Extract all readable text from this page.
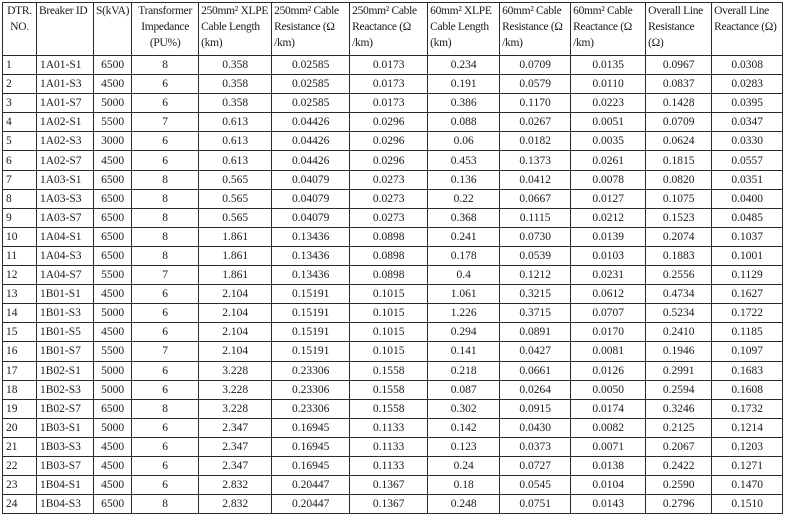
DTR. NO.	Breaker ID	S(kVA)	Transformer Impedance (PU%)	250mm² XLPE Cable Length (km)	250mm² Cable Resistance (Ω /km)	250mm² Cable Reactance (Ω /km)	60mm² XLPE Cable Length (km)	60mm² Cable Resistance (Ω /km)	60mm² Cable Reactance (Ω /km)	Overall Line Resistance (Ω)	Overall Line Reactance (Ω)
1	1A01-S1	6500	8	0.358	0.02585	0.0173	0.234	0.0709	0.0135	0.0967	0.0308
2	1A01-S3	4500	6	0.358	0.02585	0.0173	0.191	0.0579	0.0110	0.0837	0.0283
3	1A01-S7	5000	6	0.358	0.02585	0.0173	0.386	0.1170	0.0223	0.1428	0.0395
4	1A02-S1	5500	7	0.613	0.04426	0.0296	0.088	0.0267	0.0051	0.0709	0.0347
5	1A02-S3	3000	6	0.613	0.04426	0.0296	0.06	0.0182	0.0035	0.0624	0.0330
6	1A02-S7	4500	6	0.613	0.04426	0.0296	0.453	0.1373	0.0261	0.1815	0.0557
7	1A03-S1	6500	8	0.565	0.04079	0.0273	0.136	0.0412	0.0078	0.0820	0.0351
8	1A03-S3	6500	8	0.565	0.04079	0.0273	0.22	0.0667	0.0127	0.1075	0.0400
9	1A03-S7	6500	8	0.565	0.04079	0.0273	0.368	0.1115	0.0212	0.1523	0.0485
10	1A04-S1	6500	8	1.861	0.13436	0.0898	0.241	0.0730	0.0139	0.2074	0.1037
11	1A04-S3	6500	8	1.861	0.13436	0.0898	0.178	0.0539	0.0103	0.1883	0.1001
12	1A04-S7	5500	7	1.861	0.13436	0.0898	0.4	0.1212	0.0231	0.2556	0.1129
13	1B01-S1	4500	6	2.104	0.15191	0.1015	1.061	0.3215	0.0612	0.4734	0.1627
14	1B01-S3	5000	6	2.104	0.15191	0.1015	1.226	0.3715	0.0707	0.5234	0.1722
15	1B01-S5	4500	6	2.104	0.15191	0.1015	0.294	0.0891	0.0170	0.2410	0.1185
16	1B01-S7	5500	7	2.104	0.15191	0.1015	0.141	0.0427	0.0081	0.1946	0.1097
17	1B02-S1	5000	6	3.228	0.23306	0.1558	0.218	0.0661	0.0126	0.2991	0.1683
18	1B02-S3	5000	6	3.228	0.23306	0.1558	0.087	0.0264	0.0050	0.2594	0.1608
19	1B02-S7	6500	8	3.228	0.23306	0.1558	0.302	0.0915	0.0174	0.3246	0.1732
20	1B03-S1	5000	6	2.347	0.16945	0.1133	0.142	0.0430	0.0082	0.2125	0.1214
21	1B03-S3	4500	6	2.347	0.16945	0.1133	0.123	0.0373	0.0071	0.2067	0.1203
22	1B03-S7	4500	6	2.347	0.16945	0.1133	0.24	0.0727	0.0138	0.2422	0.1271
23	1B04-S1	4500	6	2.832	0.20447	0.1367	0.18	0.0545	0.0104	0.2590	0.1470
24	1B04-S3	6500	8	2.832	0.20447	0.1367	0.248	0.0751	0.0143	0.2796	0.1510
